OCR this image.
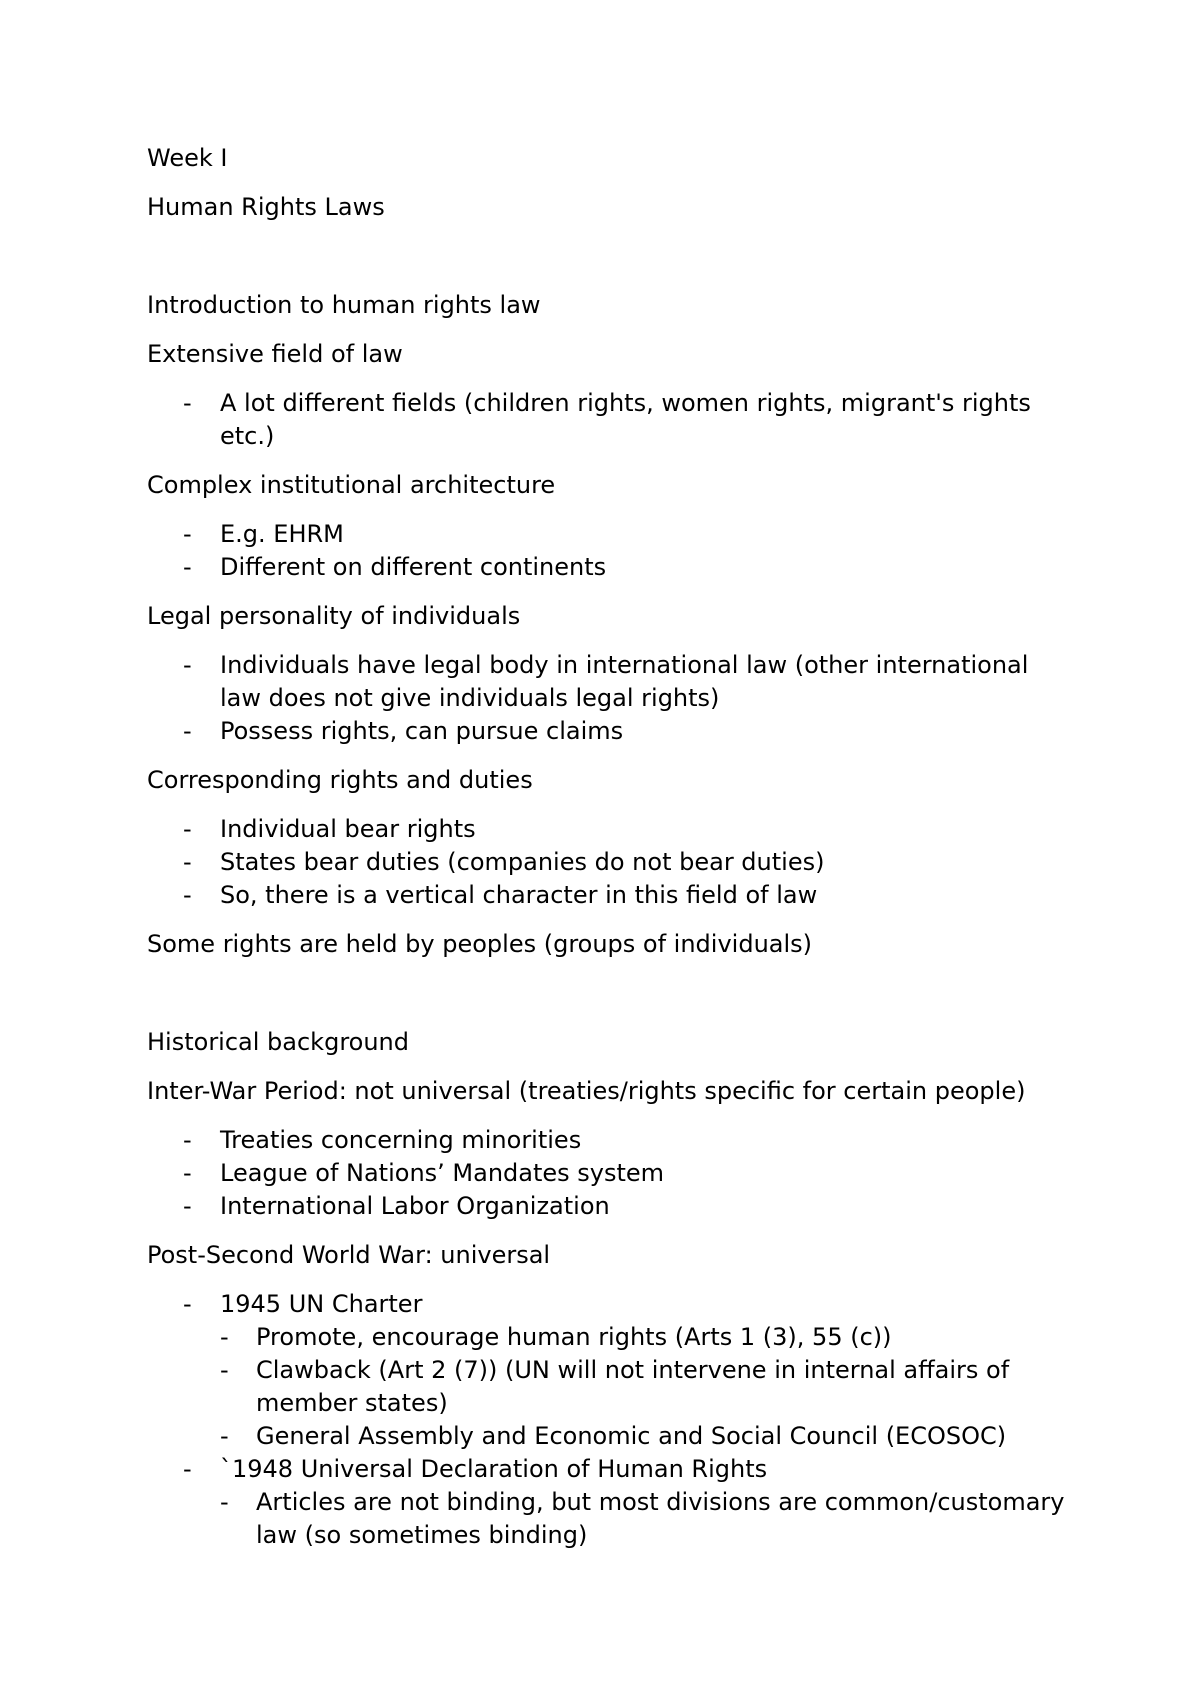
Week I

Human Rights Laws

Introduction to human rights law

Extensive field of law

- A lot different fields (children rights, women rights, migrant's rights etc.)

Complex institutional architecture

- E.g. EHRM
- Different on different continents

Legal personality of individuals

- Individuals have legal body in international law (other international law does not give individuals legal rights)
- Possess rights, can pursue claims

Corresponding rights and duties

- Individual bear rights
- States bear duties (companies do not bear duties)
- So, there is a vertical character in this field of law

Some rights are held by peoples (groups of individuals)

Historical background

Inter-War Period: not universal (treaties/rights specific for certain people)

- Treaties concerning minorities
- League of Nations’ Mandates system
- International Labor Organization

Post-Second World War: universal

- 1945 UN Charter
- Promote, encourage human rights (Arts 1 (3), 55 (c))
- Clawback (Art 2 (7)) (UN will not intervene in internal affairs of member states)
- General Assembly and Economic and Social Council (ECOSOC)
- `1948 Universal Declaration of Human Rights
- Articles are not binding, but most divisions are common/customary law (so sometimes binding)
